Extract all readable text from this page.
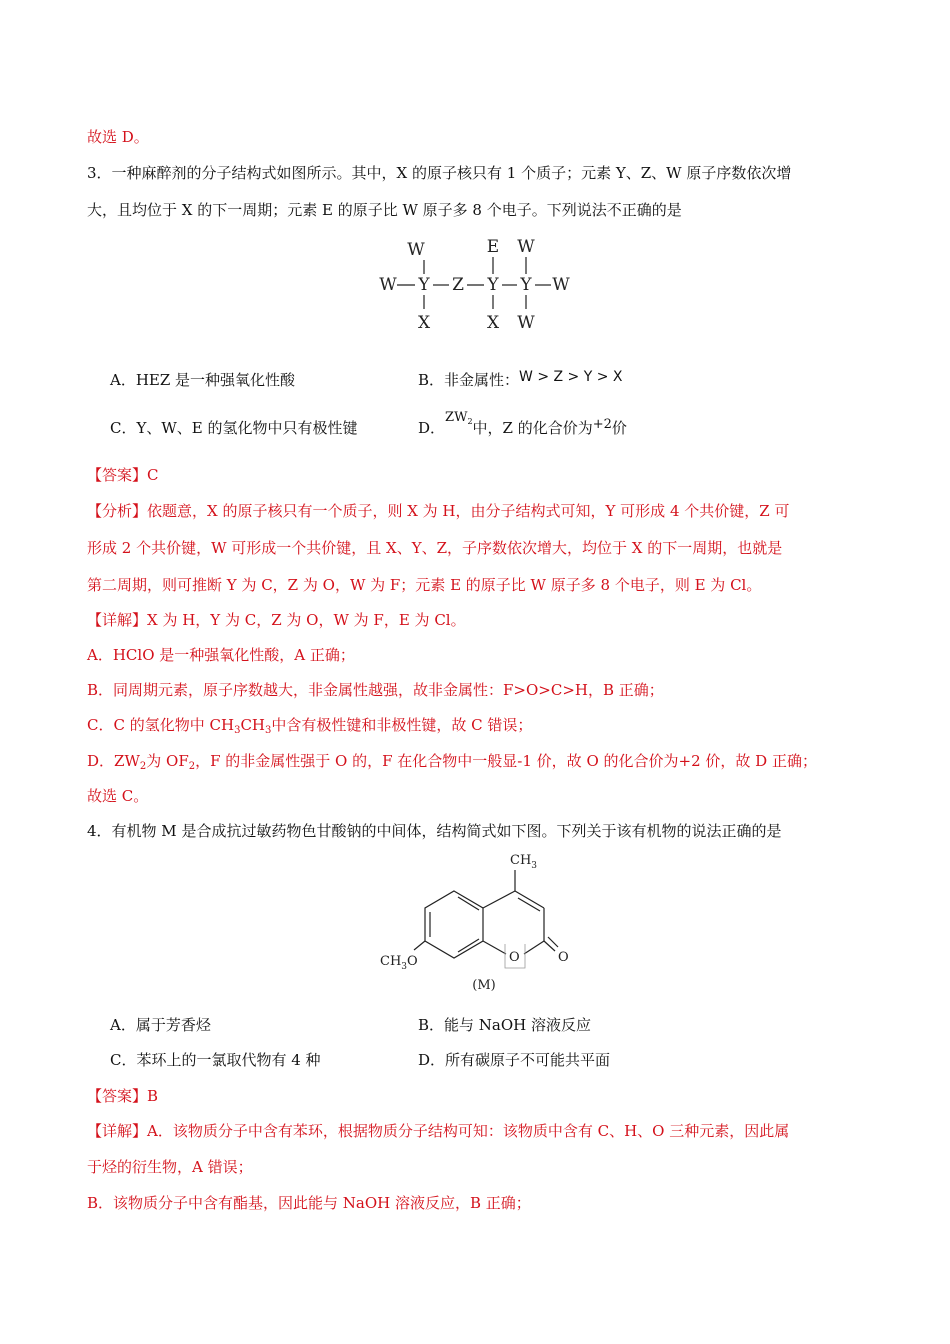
故选 D。
3．一种麻醉剂的分子结构式如图所示。其中，X 的原子核只有 1 个质子；元素 Y、Z、W 原子序数依次增
大，且均位于 X 的下一周期；元素 E 的原子比 W 原子多 8 个电子。下列说法不正确的是
W	E W
W Y Z Y Y W
X	X W
A．HEZ 是一种强氧化性酸	B．非金属性：W > Z > Y > X
C．Y、W、E 的氢化物中只有极性键	D．$ZW_2$中，Z 的化合价为$^{+2}$价
【答案】C
【分析】依题意，X 的原子核只有一个质子，则 X 为 H，由分子结构式可知，Y 可形成 4 个共价键，Z 可
形成 2 个共价键，W 可形成一个共价键，且 X、Y、Z，子序数依次增大，均位于 X 的下一周期，也就是
第二周期，则可推断 Y 为 C，Z 为 O，W 为 F；元素 E 的原子比 W 原子多 8 个电子，则 E 为 Cl。
【详解】X 为 H，Y 为 C，Z 为 O，W 为 F，E 为 Cl。
A．HClO 是一种强氧化性酸，A 正确；
B．同周期元素，原子序数越大，非金属性越强，故非金属性：F>O>C>H，B 正确；
C．C 的氢化物中 $CH_3CH_3$中含有极性键和非极性键，故 C 错误；
D．$ZW_2$为 $OF_2$，F 的非金属性强于 O 的，F 在化合物中一般显-1 价，故 O 的化合价为+2 价，故 D 正确；
故选 C。
4．有机物 M 是合成抗过敏药物色甘酸钠的中间体，结构简式如下图。下列关于该有机物的说法正确的是
$CH_3$
O	O
$CH_3O$
(M)
A．属于芳香烃	B．能与 NaOH 溶液反应
C．苯环上的一氯取代物有 4 种	D．所有碳原子不可能共平面
【答案】B
【详解】A．该物质分子中含有苯环，根据物质分子结构可知：该物质中含有 C、H、O 三种元素，因此属
于烃的衍生物，A 错误；
B．该物质分子中含有酯基，因此能与 NaOH 溶液反应，B 正确；
